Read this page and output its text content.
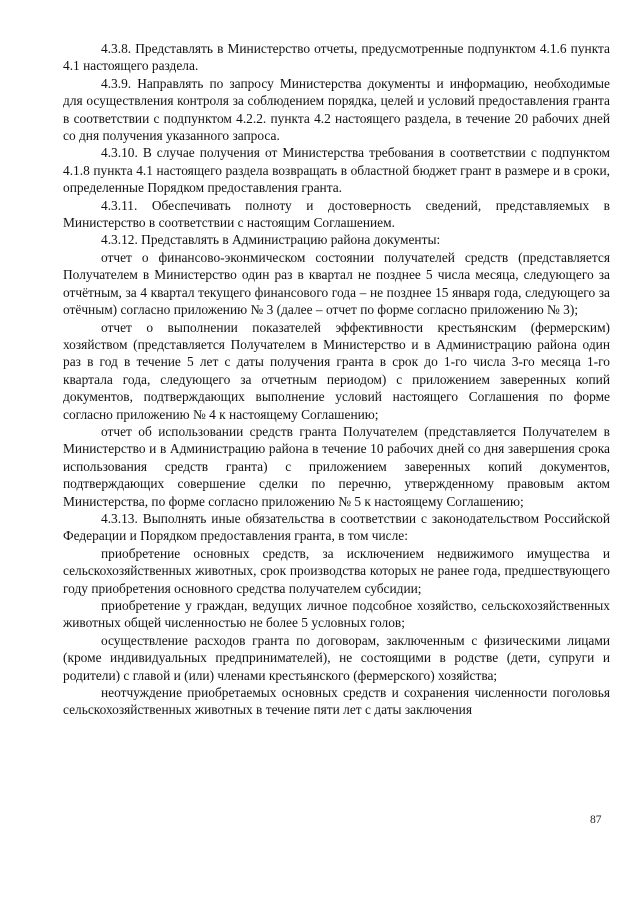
4.3.8. Представлять в Министерство отчеты, предусмотренные подпунктом 4.1.6 пункта 4.1 настоящего раздела.

4.3.9. Направлять по запросу Министерства документы и информацию, необходимые для осуществления контроля за соблюдением порядка, целей и условий предоставления гранта в соответствии с подпунктом 4.2.2. пункта 4.2 настоящего раздела, в течение 20 рабочих дней со дня получения указанного запроса.

4.3.10. В случае получения от Министерства требования в соответствии с подпунктом 4.1.8 пункта 4.1 настоящего раздела возвращать в областной бюджет грант в размере и в сроки, определенные Порядком предоставления гранта.

4.3.11. Обеспечивать полноту и достоверность сведений, представляемых в Министерство в соответствии с настоящим Соглашением.

4.3.12. Представлять в Администрацию района документы:

отчет о финансово-эконмическом состоянии получателей средств (представляется Получателем в Министерство один раз в квартал не позднее 5 числа месяца, следующего за отчётным, за 4 квартал текущего финансового года – не позднее 15 января года, следующего за отёчным) согласно приложению № 3 (далее – отчет по форме согласно приложению № 3);

отчет о выполнении показателей эффективности крестьянским (фермерским) хозяйством (представляется Получателем в Министерство и в Администрацию района один раз в год в течение 5 лет с даты получения гранта в срок до 1-го числа 3-го месяца 1-го квартала года, следующего за отчетным периодом) с приложением заверенных копий документов, подтверждающих выполнение условий настоящего Соглашения по форме согласно приложению № 4 к настоящему Соглашению;

отчет об использовании средств гранта Получателем (представляется Получателем в Министерство и в Администрацию района в течение 10 рабочих дней со дня завершения срока использования средств гранта) с приложением заверенных копий документов, подтверждающих совершение сделки по перечню, утвержденному правовым актом Министерства, по форме согласно приложению № 5 к настоящему Соглашению;

4.3.13. Выполнять иные обязательства в соответствии с законодательством Российской Федерации и Порядком предоставления гранта, в том числе:

приобретение основных средств, за исключением недвижимого имущества и сельскохозяйственных животных, срок производства которых не ранее года, предшествующего году приобретения основного средства получателем субсидии;

приобретение у граждан, ведущих личное подсобное хозяйство, сельскохозяйственных животных общей численностью не более 5 условных голов;

осуществление расходов гранта по договорам, заключенным с физическими лицами (кроме индивидуальных предпринимателей), не состоящими в родстве (дети, супруги и родители) с главой и (или) членами крестьянского (фермерского) хозяйства;

неотчуждение приобретаемых основных средств и сохранения численности поголовья сельскохозяйственных животных в течение пяти лет с даты заключения

87
